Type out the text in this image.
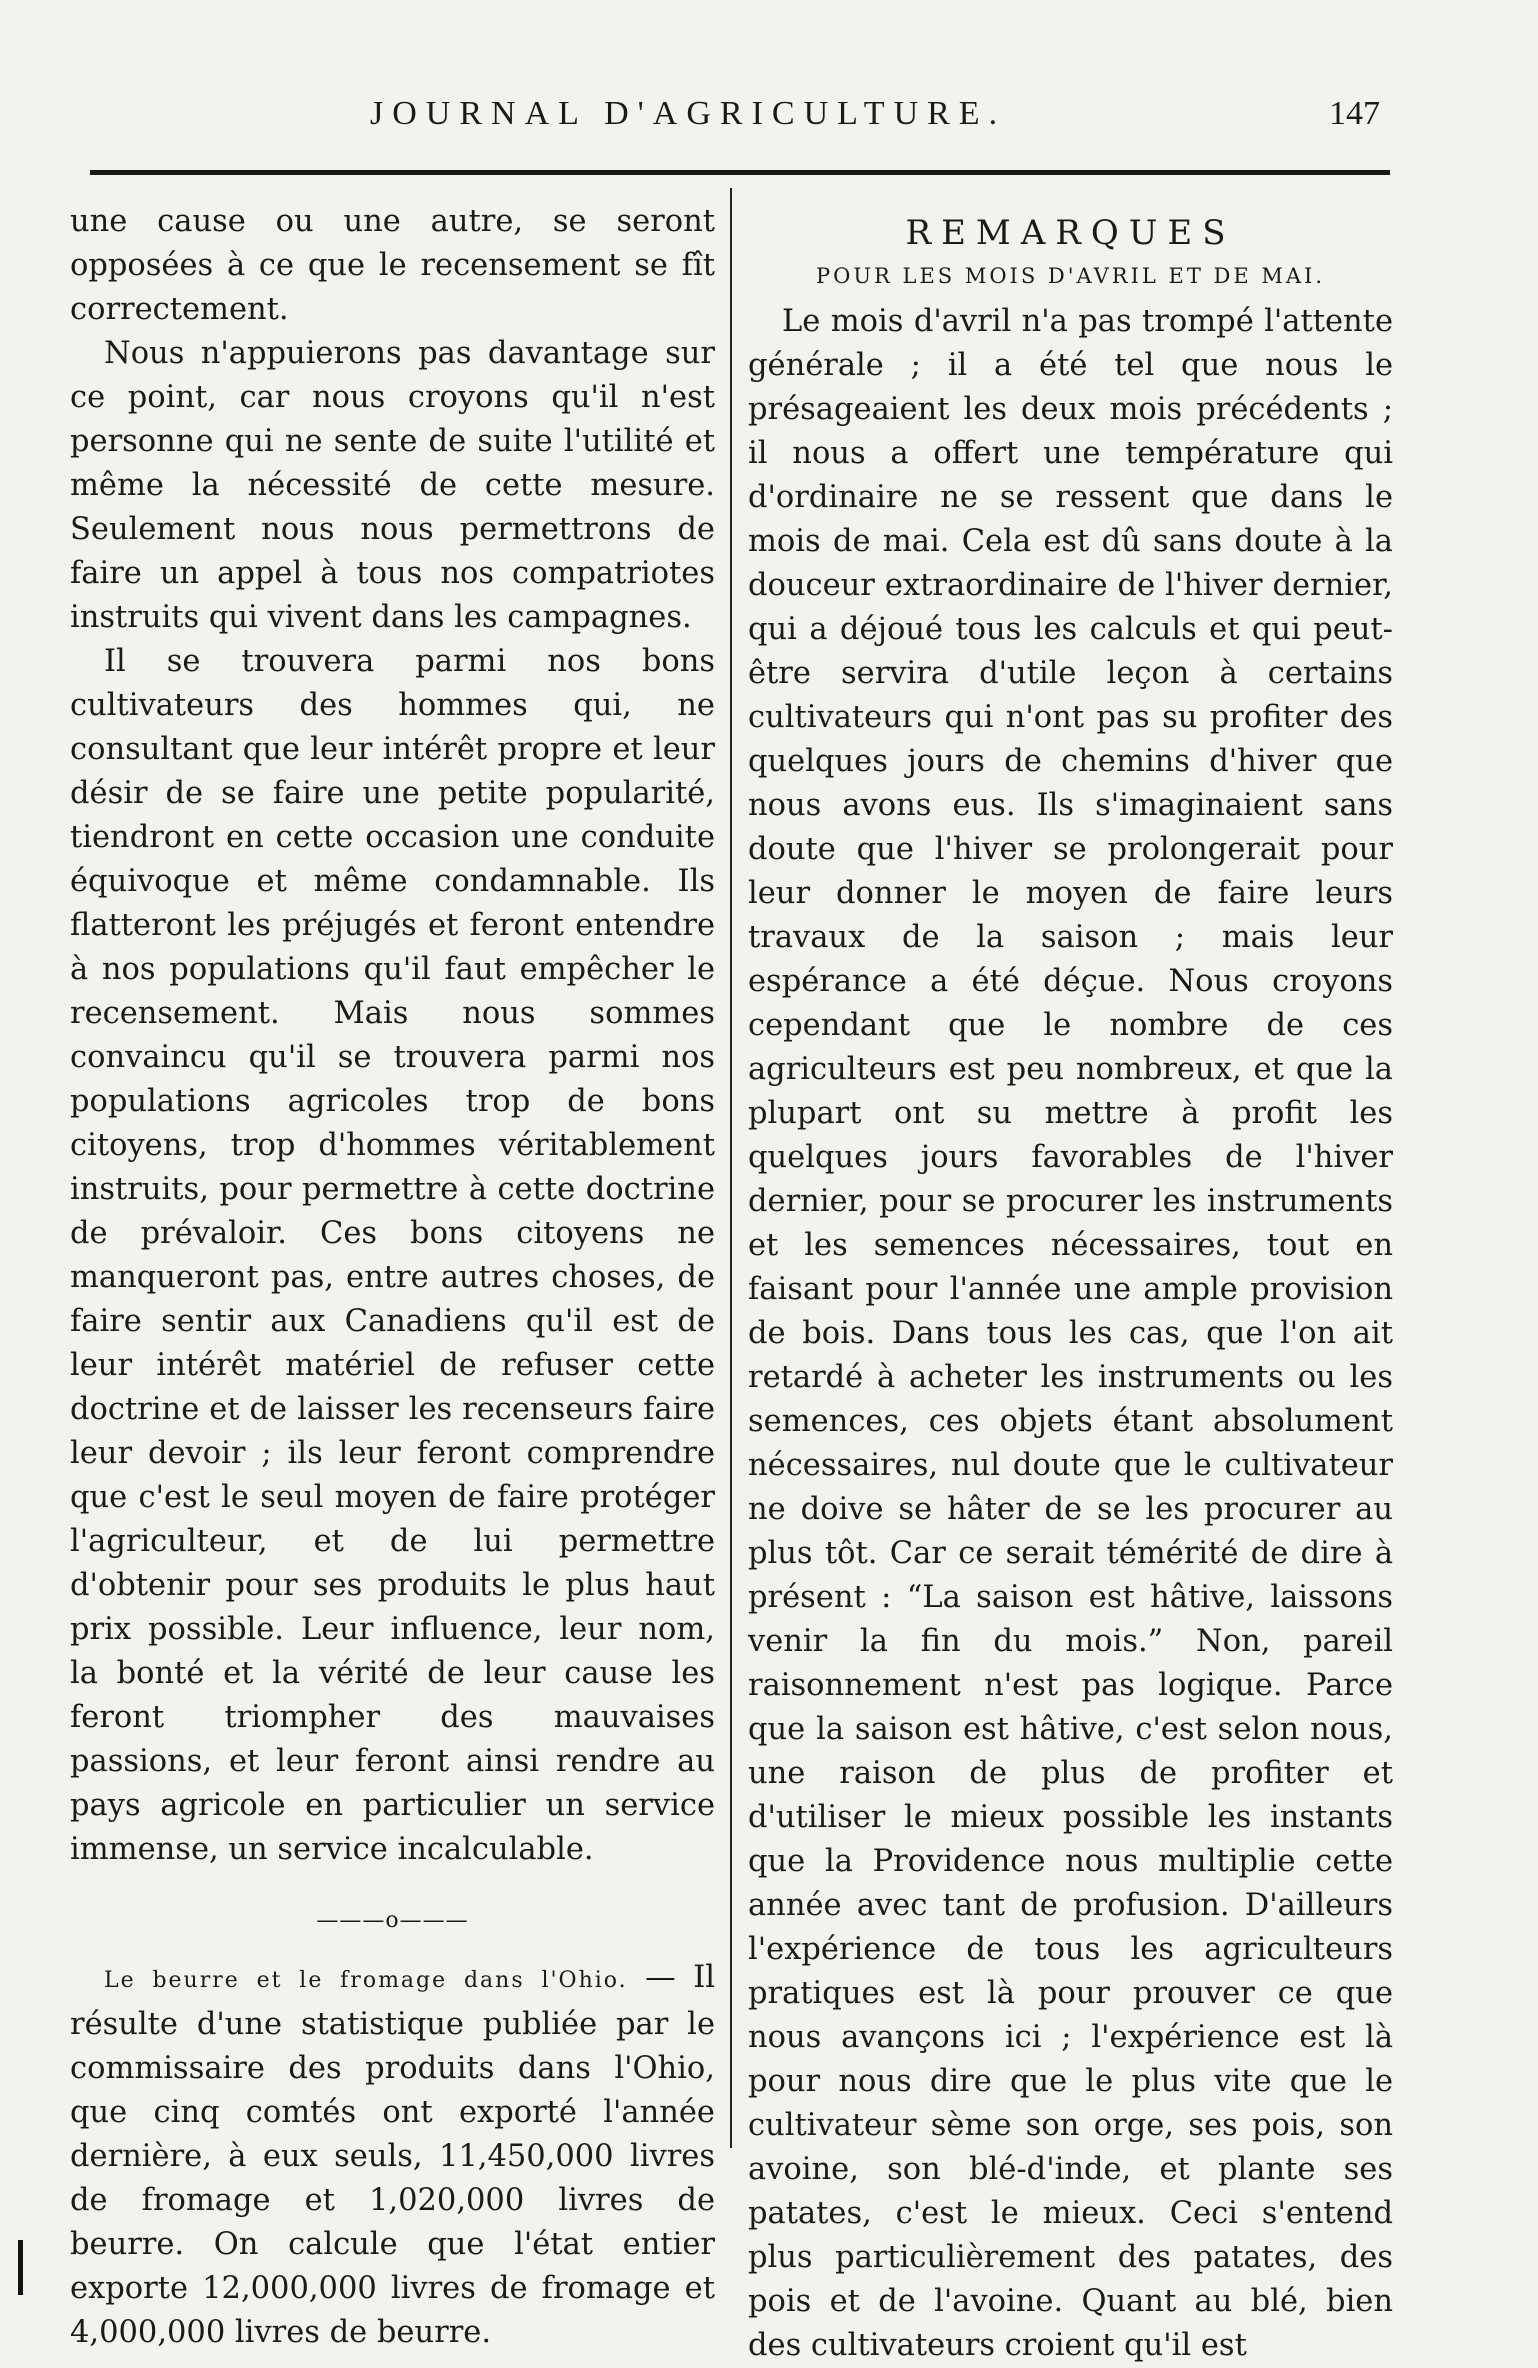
JOURNAL D'AGRICULTURE.	147

une cause ou une autre, se seront opposées à ce que le recensement se fît correctement.

Nous n'appuierons pas davantage sur ce point, car nous croyons qu'il n'est personne qui ne sente de suite l'utilité et même la nécessité de cette mesure. Seulement nous nous permettrons de faire un appel à tous nos compatriotes instruits qui vivent dans les campagnes.

Il se trouvera parmi nos bons cultivateurs des hommes qui, ne consultant que leur intérêt propre et leur désir de se faire une petite popularité, tiendront en cette occasion une conduite équivoque et même condamnable. Ils flatteront les préjugés et feront entendre à nos populations qu'il faut empêcher le recensement. Mais nous sommes convaincu qu'il se trouvera parmi nos populations agricoles trop de bons citoyens, trop d'hommes véritablement instruits, pour permettre à cette doctrine de prévaloir. Ces bons citoyens ne manqueront pas, entre autres choses, de faire sentir aux Canadiens qu'il est de leur intérêt matériel de refuser cette doctrine et de laisser les recenseurs faire leur devoir ; ils leur feront comprendre que c'est le seul moyen de faire protéger l'agriculteur, et de lui permettre d'obtenir pour ses produits le plus haut prix possible. Leur influence, leur nom, la bonté et la vérité de leur cause les feront triompher des mauvaises passions, et leur feront ainsi rendre au pays agricole en particulier un service immense, un service incalculable.

———o———

Le beurre et le fromage dans l'Ohio. — Il résulte d'une statistique publiée par le commissaire des produits dans l'Ohio, que cinq comtés ont exporté l'année dernière, à eux seuls, 11,450,000 livres de fromage et 1,020,000 livres de beurre. On calcule que l'état entier exporte 12,000,000 livres de fromage et 4,000,000 livres de beurre.

REMARQUES
POUR LES MOIS D'AVRIL ET DE MAI.

Le mois d'avril n'a pas trompé l'attente générale ; il a été tel que nous le présageaient les deux mois précédents ; il nous a offert une température qui d'ordinaire ne se ressent que dans le mois de mai. Cela est dû sans doute à la douceur extraordinaire de l'hiver dernier, qui a déjoué tous les calculs et qui peut-être servira d'utile leçon à certains cultivateurs qui n'ont pas su profiter des quelques jours de chemins d'hiver que nous avons eus. Ils s'imaginaient sans doute que l'hiver se prolongerait pour leur donner le moyen de faire leurs travaux de la saison ; mais leur espérance a été déçue. Nous croyons cependant que le nombre de ces agriculteurs est peu nombreux, et que la plupart ont su mettre à profit les quelques jours favorables de l'hiver dernier, pour se procurer les instruments et les semences nécessaires, tout en faisant pour l'année une ample provision de bois. Dans tous les cas, que l'on ait retardé à acheter les instruments ou les semences, ces objets étant absolument nécessaires, nul doute que le cultivateur ne doive se hâter de se les procurer au plus tôt. Car ce serait témérité de dire à présent : “La saison est hâtive, laissons venir la fin du mois.” Non, pareil raisonnement n'est pas logique. Parce que la saison est hâtive, c'est selon nous, une raison de plus de profiter et d'utiliser le mieux possible les instants que la Providence nous multiplie cette année avec tant de profusion. D'ailleurs l'expérience de tous les agriculteurs pratiques est là pour prouver ce que nous avançons ici ; l'expérience est là pour nous dire que le plus vite que le cultivateur sème son orge, ses pois, son avoine, son blé-d'inde, et plante ses patates, c'est le mieux. Ceci s'entend plus particulièrement des patates, des pois et de l'avoine. Quant au blé, bien des cultivateurs croient qu'il est
